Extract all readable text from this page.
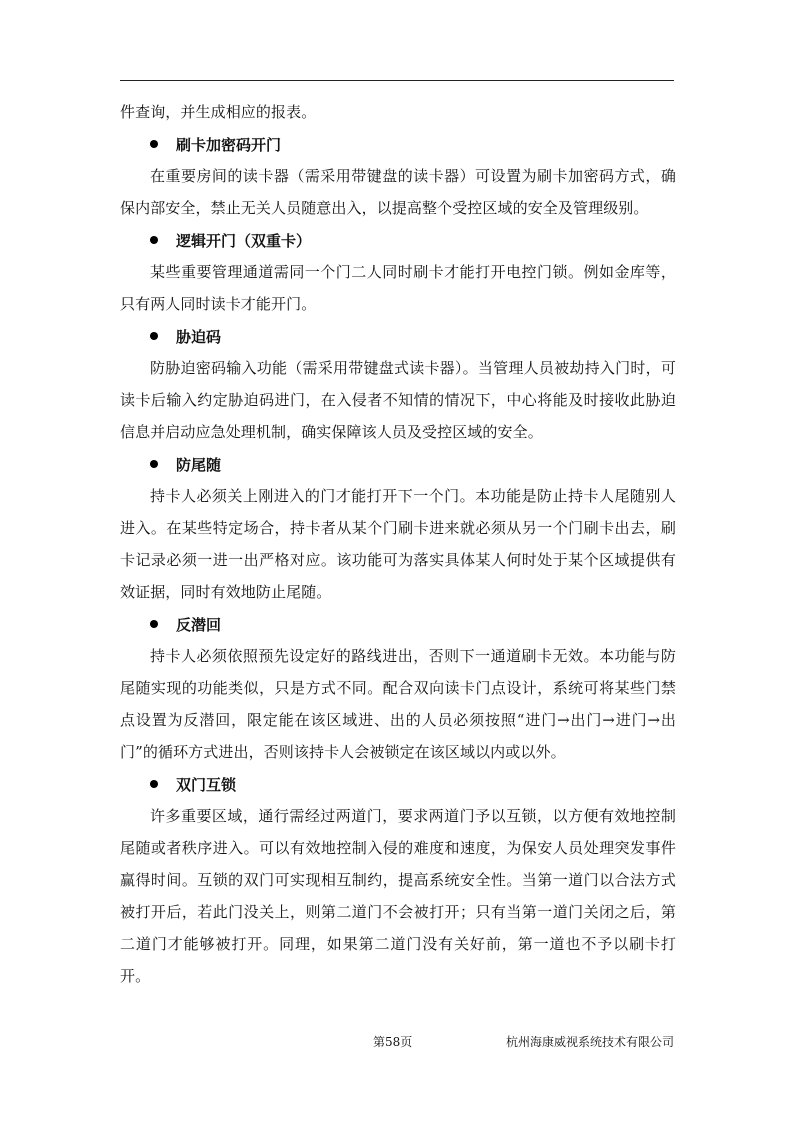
件查询，并生成相应的报表。

刷卡加密码开门

在重要房间的读卡器（需采用带键盘的读卡器）可设置为刷卡加密码方式，确保内部安全，禁止无关人员随意出入，以提高整个受控区域的安全及管理级别。

逻辑开门（双重卡）

某些重要管理通道需同一个门二人同时刷卡才能打开电控门锁。例如金库等，只有两人同时读卡才能开门。

胁迫码

防胁迫密码输入功能（需采用带键盘式读卡器）。当管理人员被劫持入门时，可读卡后输入约定胁迫码进门，在入侵者不知情的情况下，中心将能及时接收此胁迫信息并启动应急处理机制，确实保障该人员及受控区域的安全。

防尾随

持卡人必须关上刚进入的门才能打开下一个门。本功能是防止持卡人尾随别人进入。在某些特定场合，持卡者从某个门刷卡进来就必须从另一个门刷卡出去，刷卡记录必须一进一出严格对应。该功能可为落实具体某人何时处于某个区域提供有效证据，同时有效地防止尾随。

反潜回

持卡人必须依照预先设定好的路线进出，否则下一通道刷卡无效。本功能与防尾随实现的功能类似，只是方式不同。配合双向读卡门点设计，系统可将某些门禁点设置为反潜回，限定能在该区域进、出的人员必须按照“进门→出门→进门→出门”的循环方式进出，否则该持卡人会被锁定在该区域以内或以外。

双门互锁

许多重要区域，通行需经过两道门，要求两道门予以互锁，以方便有效地控制尾随或者秩序进入。可以有效地控制入侵的难度和速度，为保安人员处理突发事件赢得时间。互锁的双门可实现相互制约，提高系统安全性。当第一道门以合法方式被打开后，若此门没关上，则第二道门不会被打开；只有当第一道门关闭之后，第二道门才能够被打开。同理，如果第二道门没有关好前，第一道也不予以刷卡打开。

第58页	杭州海康威视系统技术有限公司
